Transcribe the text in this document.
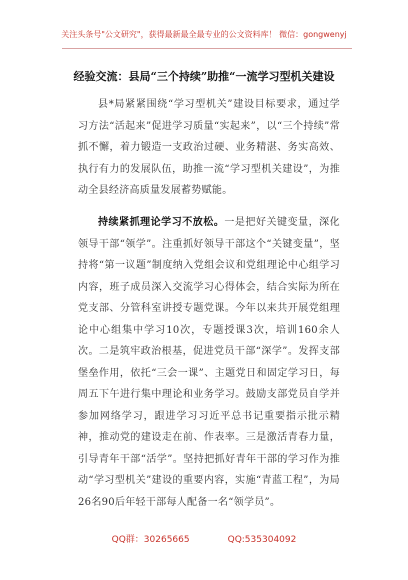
关注头条号"公文研究"，获得最新最全最专业的公文资料库！ 微信：gongwenyj
经验交流：县局“三个持续”助推“一流学习型机关建设
县*局紧紧围绕“学习型机关”建设目标要求，通过学习方法“活起来”促进学习质量“实起来”，以“三个持续”常抓不懈，着力锻造一支政治过硬、业务精湛、务实高效、执行有力的发展队伍，助推一流“学习型机关建设”，为推动全县经济高质量发展蓄势赋能。
持续紧抓理论学习不放松。一是把好关键变量，深化领导干部“领学”。注重抓好领导干部这个“关键变量”，坚持将“第一议题”制度纳入党组会议和党组理论中心组学习内容，班子成员深入交流学习心得体会，结合实际为所在党支部、分管科室讲授专题党课。今年以来共开展党组理论中心组集中学习10次，专题授课3次，培训160余人次。二是筑牢政治根基，促进党员干部“深学”。发挥支部堡垒作用，依托“三会一课”、主题党日和固定学习日，每周五下午进行集中理论和业务学习。鼓励支部党员自学并参加网络学习，跟进学习习近平总书记重要指示批示精神，推动党的建设走在前、作表率。三是激活青春力量，引导青年干部“活学”。坚持把抓好青年干部的学习作为推动“学习型机关”建设的重要内容，实施“青蓝工程”，为局26名90后年轻干部每人配备一名“领学员”。
QQ群：30265665	QQ:535304092
